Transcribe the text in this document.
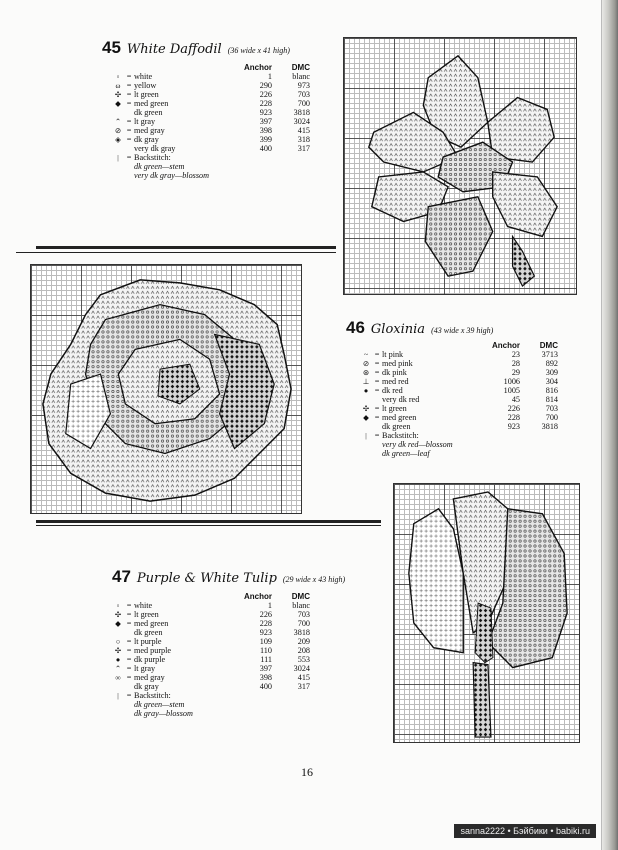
45 White Daffodil (36 wide x 41 high)
Anchor	DMC
▫ = white	1	blanc
ω = yellow	290	973
✣ = lt green	226	703
◆ = med green	228	700
dk green	923	3818
⌃ = lt gray	397	3024
⊘ = med gray	398	415
◈ = dk gray	399	318
very dk gray	400	317
| = Backstitch:
dk green—stem
very dk gray—blossom
46 Gloxinia (43 wide x 39 high)
Anchor	DMC
~ = lt pink	23	3713
⊘ = med pink	28	892
⊛ = dk pink	29	309
⊥ = med red	1006	304
● = dk red	1005	816
very dk red	45	814
✣ = lt green	226	703
◆ = med green	228	700
dk green	923	3818
| = Backstitch:
very dk red—blossom
dk green—leaf
47 Purple & White Tulip (29 wide x 43 high)
Anchor	DMC
▫ = white	1	blanc
✣ = lt green	226	703
◆ = med green	228	700
dk green	923	3818
○ = lt purple	109	209
✣ = med purple	110	208
● = dk purple	111	553
⌃ = lt gray	397	3024
∞ = med gray	398	415
dk gray	400	317
| = Backstitch:
dk green—stem
dk gray—blossom
16
sanna2222 • Бэйбики • babiki.ru
